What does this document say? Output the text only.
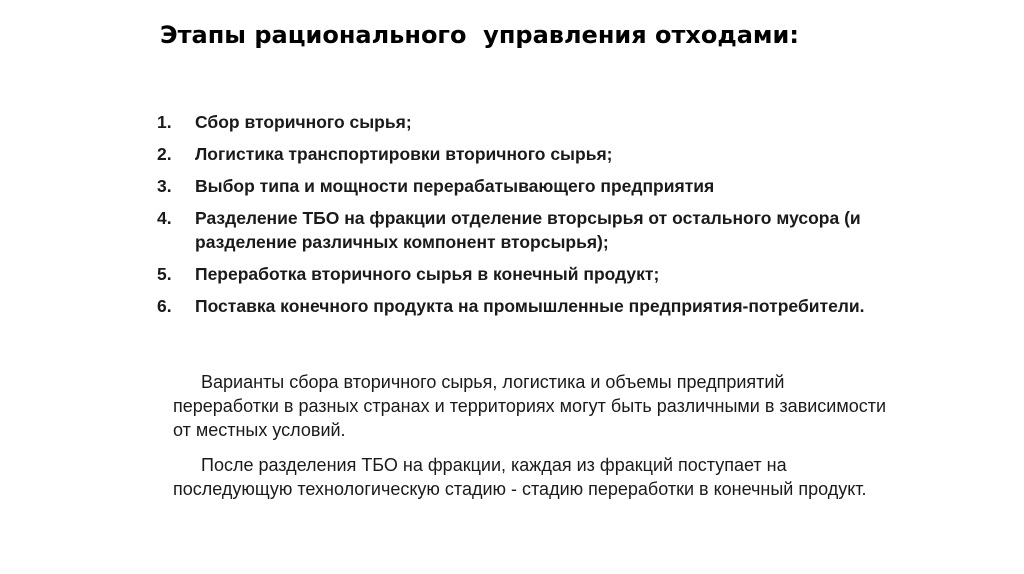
Этапы рационального  управления отходами:
1.	Сбор вторичного сырья;
2.	Логистика транспортировки вторичного сырья;
3.	Выбор типа и мощности перерабатывающего предприятия
4.	Разделение ТБО на фракции отделение вторсырья от остального мусора (и разделение различных компонент вторсырья);
5.	Переработка вторичного сырья в конечный продукт;
6.	Поставка конечного продукта на промышленные предприятия-потребители.

Варианты сбора вторичного сырья, логистика и объемы предприятий переработки в разных странах и территориях могут быть различными в зависимости от местных условий.

После разделения ТБО на фракции, каждая из фракций поступает на последующую технологическую стадию - стадию переработки в конечный продукт.
